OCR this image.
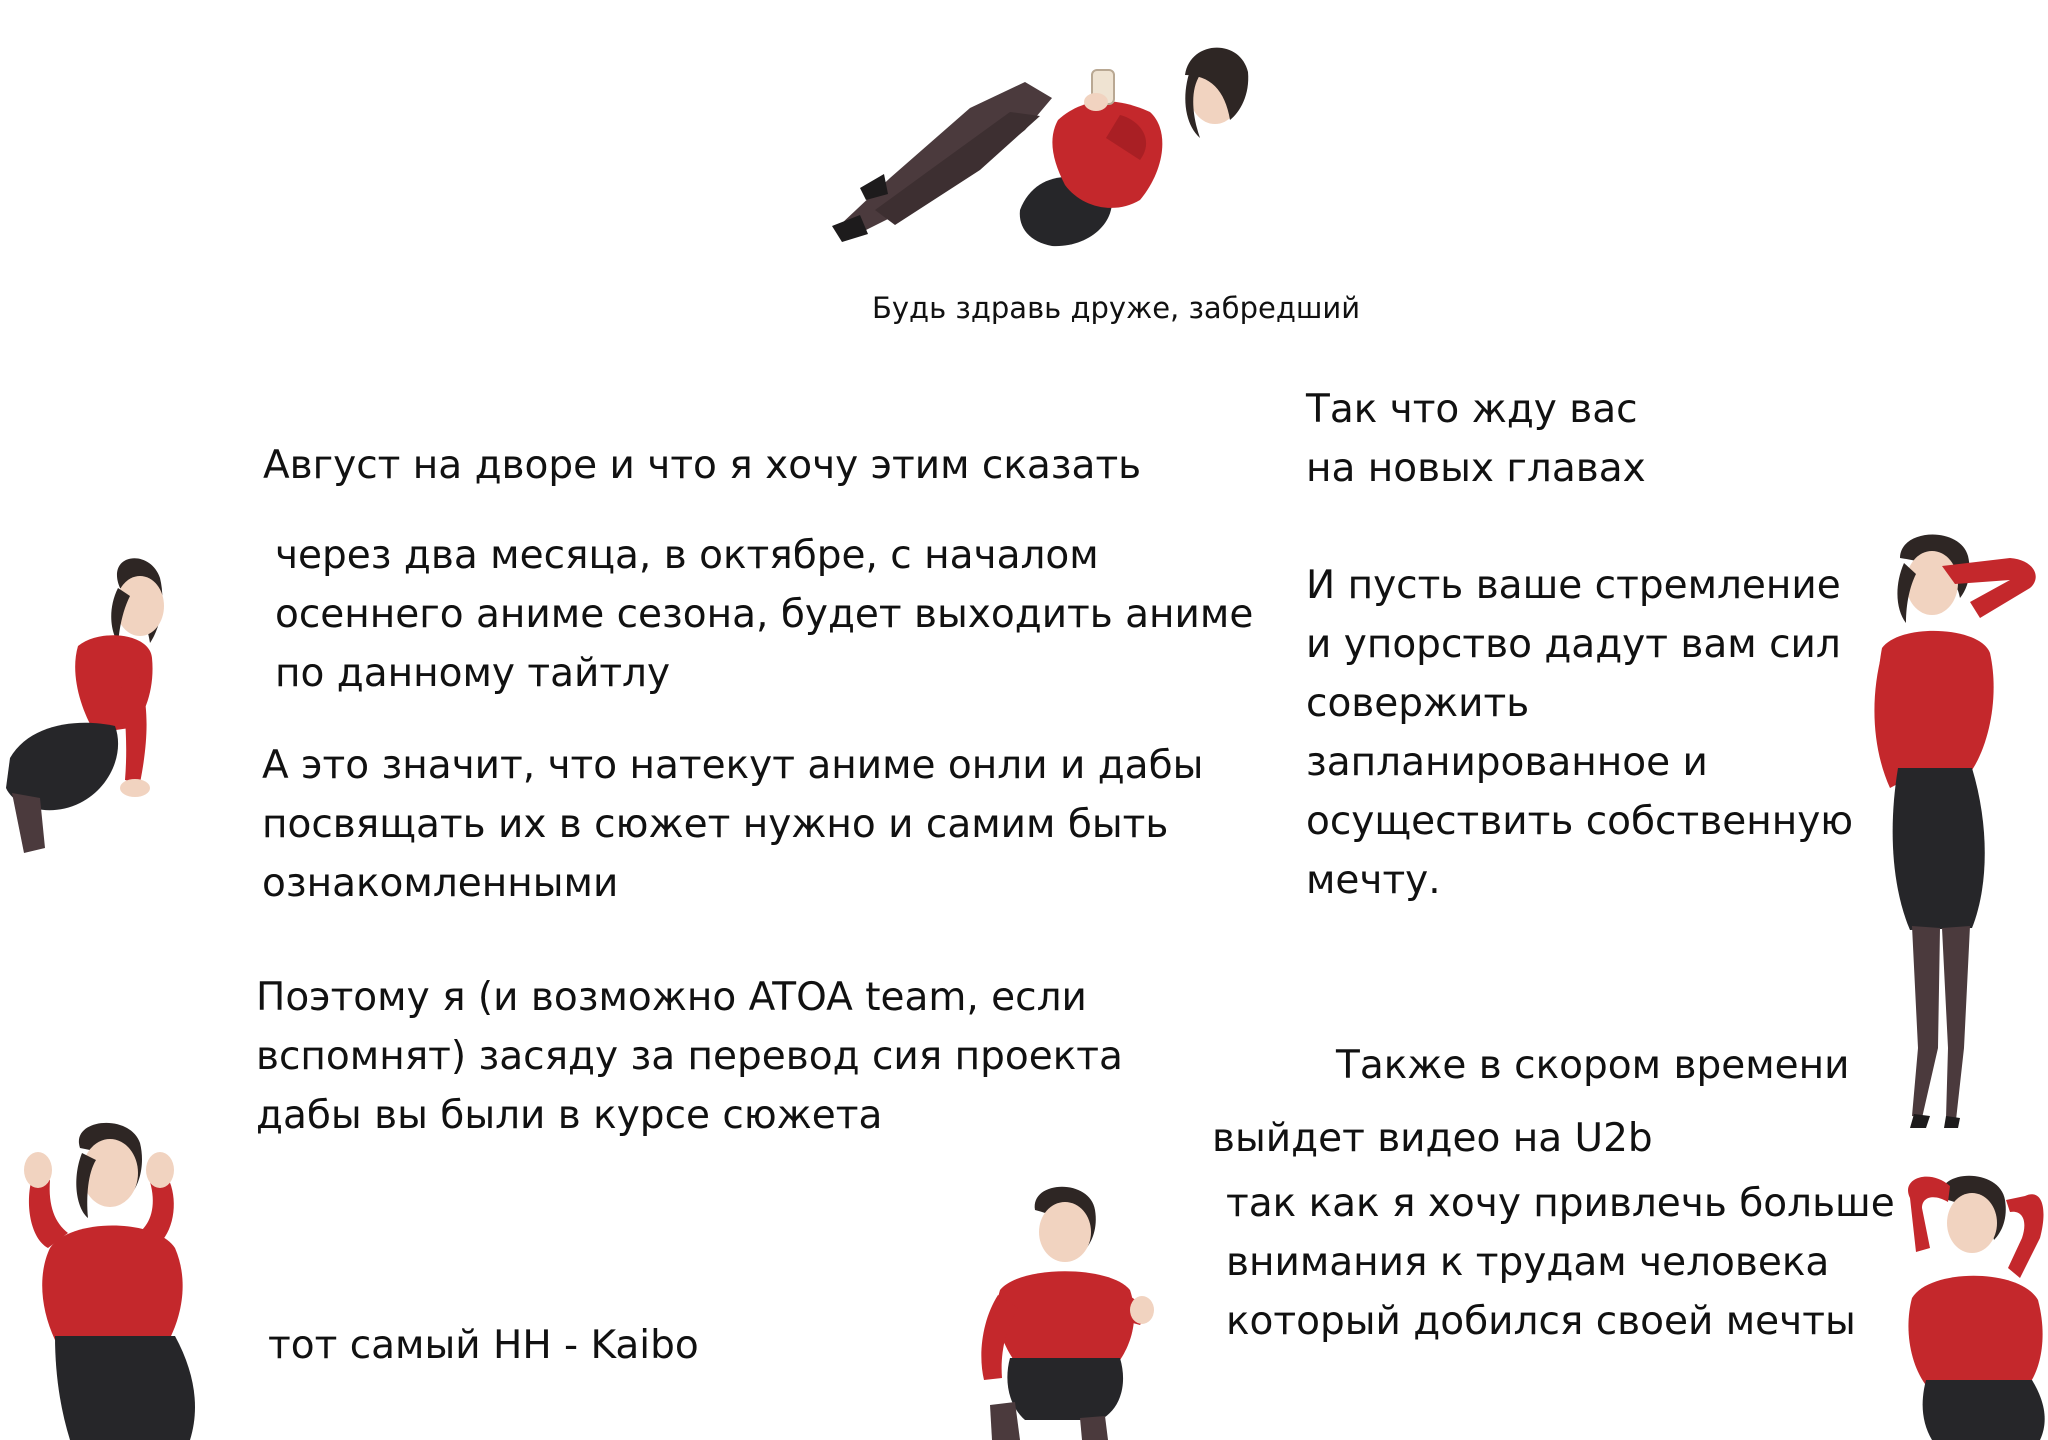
Будь здравь друже, забредший

Август на дворе и что я хочу этим сказать

через два месяца, в октябре, с началом
осеннего аниме сезона, будет выходить аниме
по данному тайтлу
А это значит, что натекут аниме онли и дабы
посвящать их в сюжет нужно и самим быть
ознакомленными
Поэтому я (и возможно ATOA team, если
вспомнят) засяду за перевод сия проекта
дабы вы были в курсе сюжета

тот самый HH - Kaibo

Так что жду вас
на новых главах
И пусть ваше стремление
и упорство дадут вам сил
совержить
запланированное и
осуществить собственную
мечту.
Также в скором времени
выйдет видео на U2b
так как я хочу привлечь больше
внимания к трудам человека
который добился своей мечты
